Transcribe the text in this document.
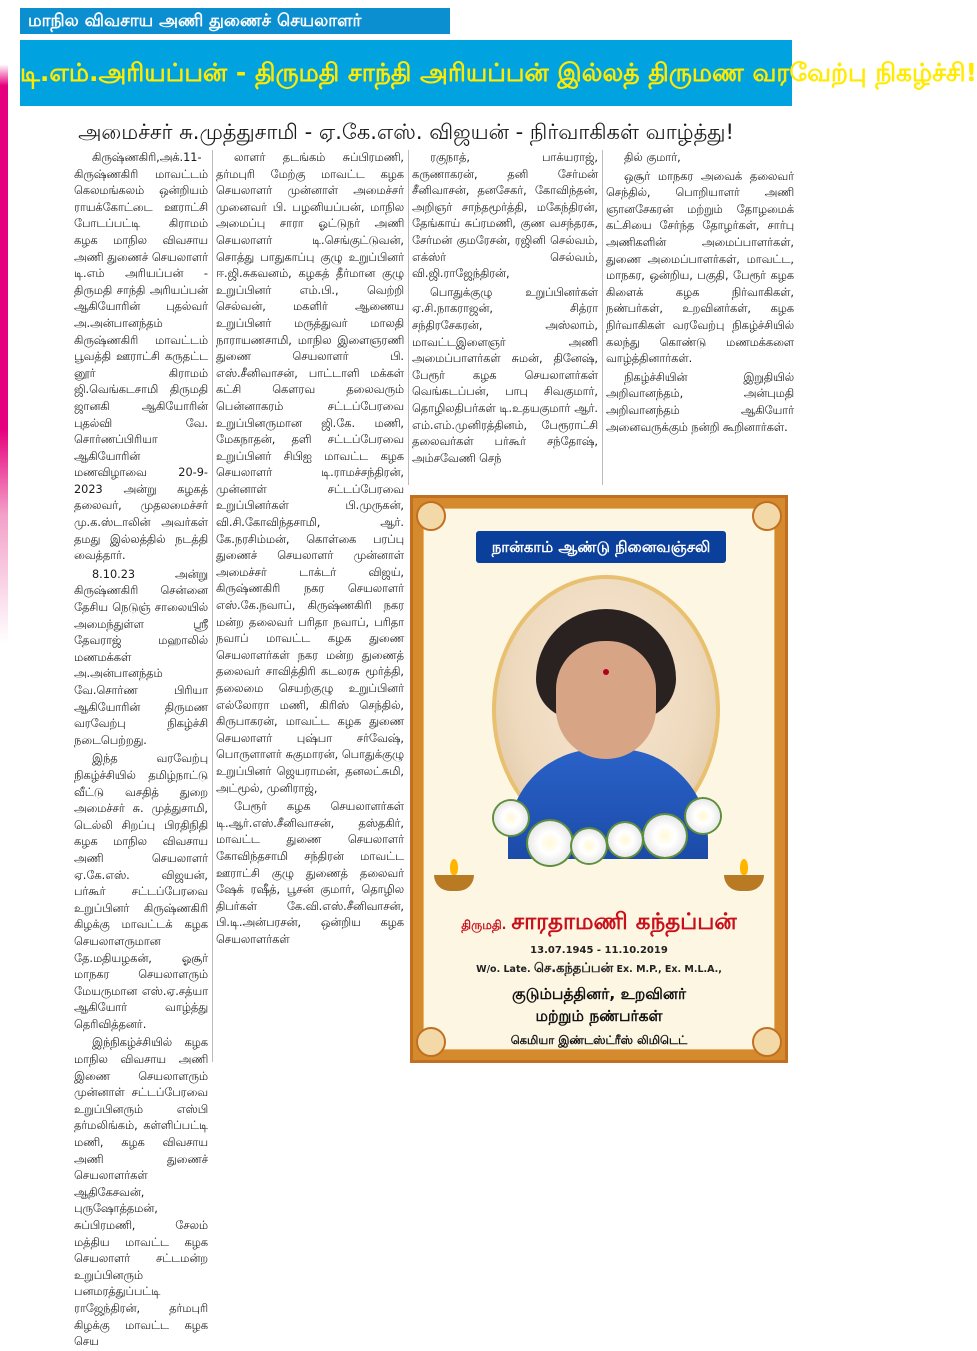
மாநில விவசாய அணி துணைச் செயலாளர்
டி.எம்.அரியப்பன் - திருமதி சாந்தி அரியப்பன் இல்லத் திருமண வரவேற்பு நிகழ்ச்சி!
அமைச்சர் சு.முத்துசாமி - ஏ.கே.எஸ். விஜயன் - நிர்வாகிகள் வாழ்த்து!

கிருஷ்ணகிரி,அக்.11- கிருஷ்ணகிரி மாவட்டம் கெலமங்கலம் ஒன்றியம் ராயக்கோட்டை ஊராட்சி போடப்பட்டி கிராமம் கழக மாநில விவசாய அணி துணைச் செயலாளர் டி.எம் அரியப்பன் - திருமதி சாந்தி அரியப்பன் ஆகியோரின் புதல்வர் அ.அன்பானந்தம் கிருஷ்ணகிரி மாவட்டம் பூவத்தி ஊராட்சி கருதட்ட னூர் கிராமம் ஜி.வெங்கடசாமி திருமதி ஜானகி ஆகியோரின் புதல்வி வே. சொர்ணப்பிரியா ஆகியோரின் மணவிழாவை 20-9-2023 அன்று கழகத் தலைவர், முதலமைச்சர் மு.க.ஸ்டாலின் அவர்கள் தமது இல்லத்தில் நடத்தி வைத்தார்.

8.10.23 அன்று கிருஷ்ணகிரி சென்னை தேசிய நெடுஞ் சாலையில் அமைந்துள்ள ஸ்ரீ தேவராஜ் மஹாலில் மணமக்கள் அ.அன்பானந்தம் வே.சொர்ண பிரியா ஆகியோரின் திருமண வரவேற்பு நிகழ்ச்சி நடைபெற்றது.

இந்த வரவேற்பு நிகழ்ச்சியில் தமிழ்நாட்டு வீட்டு வசதித் துறை அமைச்சர் சு. முத்துசாமி, டெல்லி சிறப்பு பிரதிநிதி கழக மாநில விவசாய அணி செயலாளர் ஏ.கே.எஸ். விஜயன், பர்கூர் சட்டப்பேரவை உறுப்பினர் கிருஷ்ணகிரி கிழக்கு மாவட்டக் கழக செயலாளருமான தே.மதியழகன், ஓசூர் மாநகர செயலாளரும் மேயருமான எஸ்.ஏ.சத்யா ஆகியோர் வாழ்த்து தெரிவித்தனர்.

இந்நிகழ்ச்சியில் கழக மாநில விவசாய அணி இணை செயலாளரும் முன்னாள் சட்டப்பேரவை உறுப்பினரும் எஸ்பி தர்மலிங்கம், கள்ளிப்பட்டி மணி, கழக விவசாய அணி துணைச் செயலாளர்கள் ஆதிகேசவன், புருஷோத்தமன், சுப்பிரமணி, சேலம் மத்திய மாவட்ட கழக செயலாளர் சட்டமன்ற உறுப்பினரும் பனமரத்துப்பட்டி ராஜேந்திரன், தர்மபுரி கிழக்கு மாவட்ட கழக செய

லாளர் தடங்கம் சுப்பிரமணி, தர்மபுரி மேற்கு மாவட்ட கழக செயலாளர் முன்னாள் அமைச்சர் முனைவர் பி. பழனியப்பன், மாநில அமைப்பு சாரா ஓட்டுநர் அணி செயலாளர் டி.செங்குட்டுவன், சொத்து பாதுகாப்பு குழு உறுப்பினர் ஈ.ஜி.சுகவனம், கழகத் தீர்மான குழு உறுப்பினர் எம்.பி., வெற்றி செல்வன், மகளிர் ஆணைய உறுப்பினர் மருத்துவர் மாலதி நாராயணசாமி, மாநில இளைஞரணி துணை செயலாளர் பி. எஸ்.சீனிவாசன், பாட்டாளி மக்கள் கட்சி கௌரவ தலைவரும் பென்னாகரம் சட்டப்பேரவை உறுப்பினருமான ஜி.கே. மணி, மேகநாதன், தளி சட்டப்பேரவை உறுப்பினர் சிபிஐ மாவட்ட கழக செயலாளர் டி.ராமச்சந்திரன், முன்னாள் சட்டப்பேரவை உறுப்பினர்கள் பி.முருகன், வி.சி.கோவிந்தசாமி, ஆர். கே.நரசிம்மன், கொள்கை பரப்பு துணைச் செயலாளர் முன்னாள் அமைச்சர் டாக்டர் விஜய், கிருஷ்ணகிரி நகர செயலாளர் எஸ்.கே.நவாப், கிருஷ்ணகிரி நகர மன்ற தலைவர் பரிதா நவாப், பரிதா நவாப் மாவட்ட கழக துணை செயலாளர்கள் நகர மன்ற துணைத் தலைவர் சாவித்திரி கடலரசு மூர்த்தி, தலைமை செயற்குழு உறுப்பினர் எல்லோரா மணி, கிரிஸ் செந்தில், கிருபாகரன், மாவட்ட கழக துணை செயலாளர் புஷ்பா சர்வேஷ், பொருளாளர் சுகுமாரன், பொதுக்குழு உறுப்பினர் ஜெயராமன், தனலட்சுமி, அட்மூல், முனிராஜ்,

பேரூர் கழக செயலாளர்கள் டி.ஆர்.எஸ்.சீனிவாசன், தஸ்தகிர், மாவட்ட துணை செயலாளர் கோவிந்தசாமி சந்திரன் மாவட்ட ஊராட்சி குழு துணைத் தலைவர் ஷேக் ரஷீத், பூசன் குமார், தொழில திபர்கள் கே.வி.எஸ்.சீனிவாசன், பி.டி.அன்பரசன், ஒன்றிய கழக செயலாளர்கள்

ரகுநாத், பாக்யராஜ், கருணாகரன், தனி சேர்மன் சீனிவாசன், தனசேகர், கோவிந்தன், அறிஞர் சாந்தமூர்த்தி, மகேந்திரன், தேங்காய் சுப்ரமணி, குண வசந்தரசு, சேர்மன் குமரேசன், ரஜினி செல்வம், எக்ஸ்ர் செல்வம், வி.ஜி.ராஜேந்திரன்,

பொதுக்குழு உறுப்பினர்கள் ஏ.சி.நாகராஜன், சித்ரா சந்திரசேகரன், அஸ்லாம், மாவட்டஇளைஞர் அணி அமைப்பாளர்கள் சுமன், தினேஷ், பேரூர் கழக செயலாளர்கள் வெங்கடப்பன், பாபு சிவகுமார், தொழிலதிபர்கள் டி.உதயகுமார் ஆர். எம்.எம்.முனிரத்தினம், பேரூராட்சி தலைவர்கள் பர்கூர் சந்தோஷ், அம்சவேணி செந்

தில் குமார்,

ஒசூர் மாநகர அவைக் தலைவர் செந்தில், பொறியாளர் அணி ஞானசேகரன் மற்றும் தோழமைக் கட்சியை சேர்ந்த தோழர்கள், சார்பு அணிகளின் அமைப்பாளர்கள், துணை அமைப்பாளர்கள், மாவட்ட, மாநகர, ஒன்றிய, பகுதி, பேரூர் கழக கிளைக் கழக நிர்வாகிகள், நண்பர்கள், உறவினர்கள், கழக நிர்வாகிகள் வரவேற்பு நிகழ்ச்சியில் கலந்து கொண்டு மணமக்களை வாழ்த்தினார்கள்.

நிகழ்ச்சியின் இறுதியில் அறிவானந்தம், அன்புமதி அறிவானந்தம் ஆகியோர் அனைவருக்கும் நன்றி கூறினார்கள்.

நான்காம் ஆண்டு நினைவஞ்சலி
திருமதி. சாரதாமணி கந்தப்பன்
13.07.1945 - 11.10.2019
W/o. Late. செ.கந்தப்பன் Ex. M.P., Ex. M.L.A.,
குடும்பத்தினர், உறவினர்
மற்றும் நண்பர்கள்
கெமியா இண்டஸ்ட்ரீஸ் லிமிடெட்
